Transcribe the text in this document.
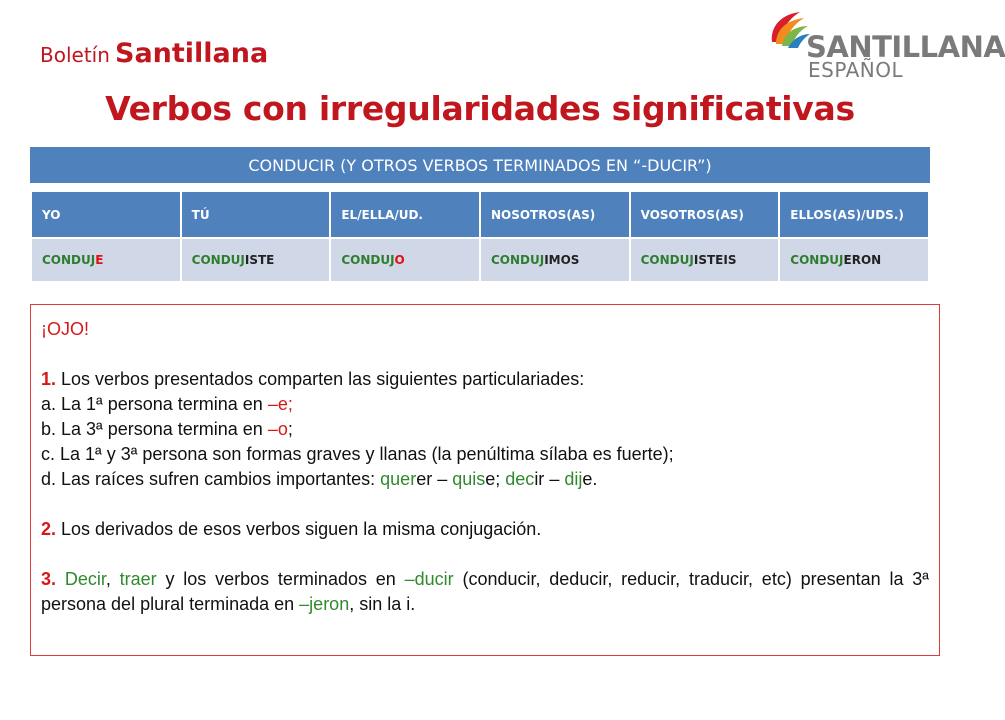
Boletín Santillana	SANTILLANA
ESPAÑOL
Verbos con irregularidades significativas
CONDUCIR (Y OTROS VERBOS TERMINADOS EN “-DUCIR”)
YO	TÚ	EL/ELLA/UD.	NOSOTROS(AS)	VOSOTROS(AS)	ELLOS(AS)/UDS.)
CONDUJE	CONDUJISTE	CONDUJO	CONDUJIMOS	CONDUJISTEIS	CONDUJERON

¡OJO!

1. Los verbos presentados comparten las siguientes particulariades:

a. La 1ª persona termina en –e;

b. La 3ª persona termina en –o;

c. La 1ª y 3ª persona son formas graves y llanas (la penúltima sílaba es fuerte);

d. Las raíces sufren cambios importantes: querer – quise; decir – dije.

2. Los derivados de esos verbos siguen la misma conjugación.

3. Decir, traer y los verbos terminados en –ducir (conducir, deducir, reducir, traducir, etc) presentan la 3ª persona del plural terminada en –jeron, sin la i.
